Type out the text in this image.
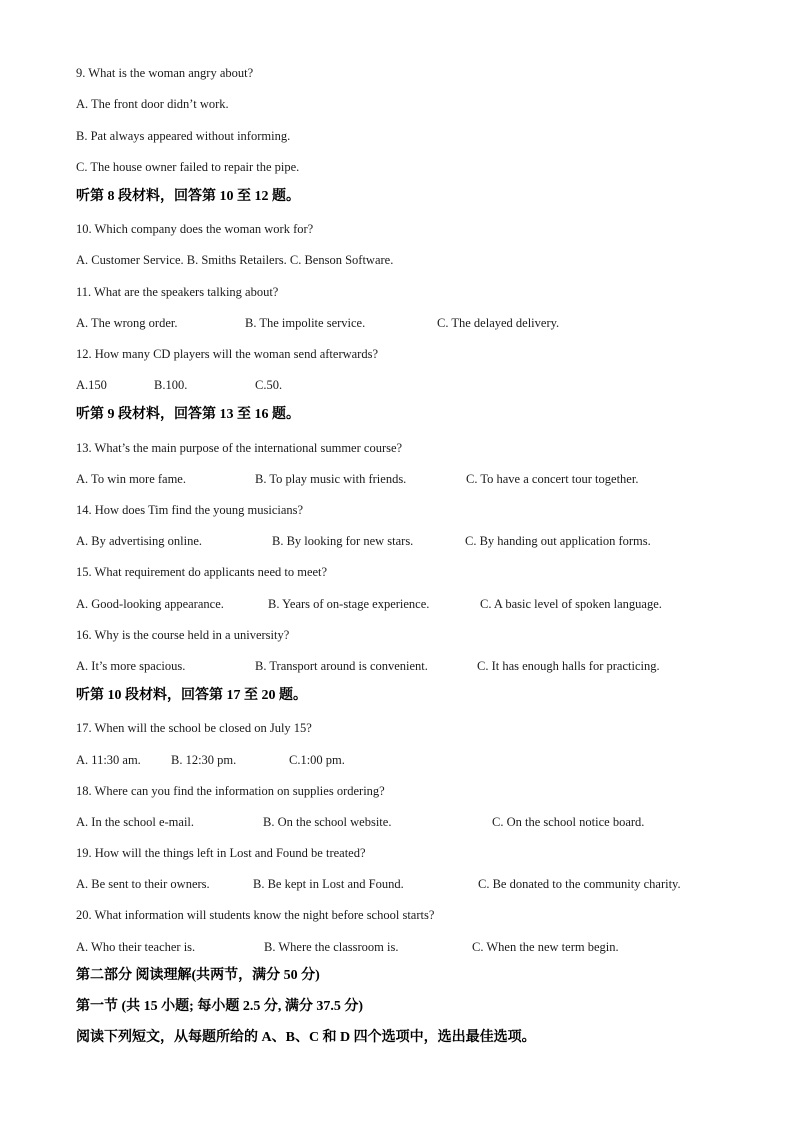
9. What is the woman angry about?
A. The front door didn’t work.
B. Pat always appeared without informing.
C. The house owner failed to repair the pipe.
听第 8 段材料，回答第 10 至 12 题。
10. Which company does the woman work for?
A. Customer Service. B. Smiths Retailers. C. Benson Software.
11. What are the speakers talking about?
A. The wrong order.	B. The impolite service.	C. The delayed delivery.
12. How many CD players will the woman send afterwards?
A.150	B.100.	C.50.
听第 9 段材料，回答第 13 至 16 题。
13. What’s the main purpose of the international summer course?
A. To win more fame.	B. To play music with friends.	C. To have a concert tour together.
14. How does Tim find the young musicians?
A. By advertising online.	B. By looking for new stars.	C. By handing out application forms.
15. What requirement do applicants need to meet?
A. Good-looking appearance.	B. Years of on-stage experience.	C. A basic level of spoken language.
16. Why is the course held in a university?
A. It’s more spacious.	B. Transport around is convenient.	C. It has enough halls for practicing.
听第 10 段材料，回答第 17 至 20 题。
17. When will the school be closed on July 15?
A. 11:30 am. B. 12:30 pm.	C.1:00 pm.
18. Where can you find the information on supplies ordering?
A. In the school e-mail.	B. On the school website.	C. On the school notice board.
19. How will the things left in Lost and Found be treated?
A. Be sent to their owners.	B. Be kept in Lost and Found.	C. Be donated to the community charity.
20. What information will students know the night before school starts?
A. Who their teacher is.	B. Where the classroom is.	C. When the new term begin.
第二部分 阅读理解(共两节，满分 50 分)
第一节 (共 15 小题; 每小题 2.5 分, 满分 37.5 分)
阅读下列短文，从每题所给的 A、B、C 和 D 四个选项中，选出最佳选项。
